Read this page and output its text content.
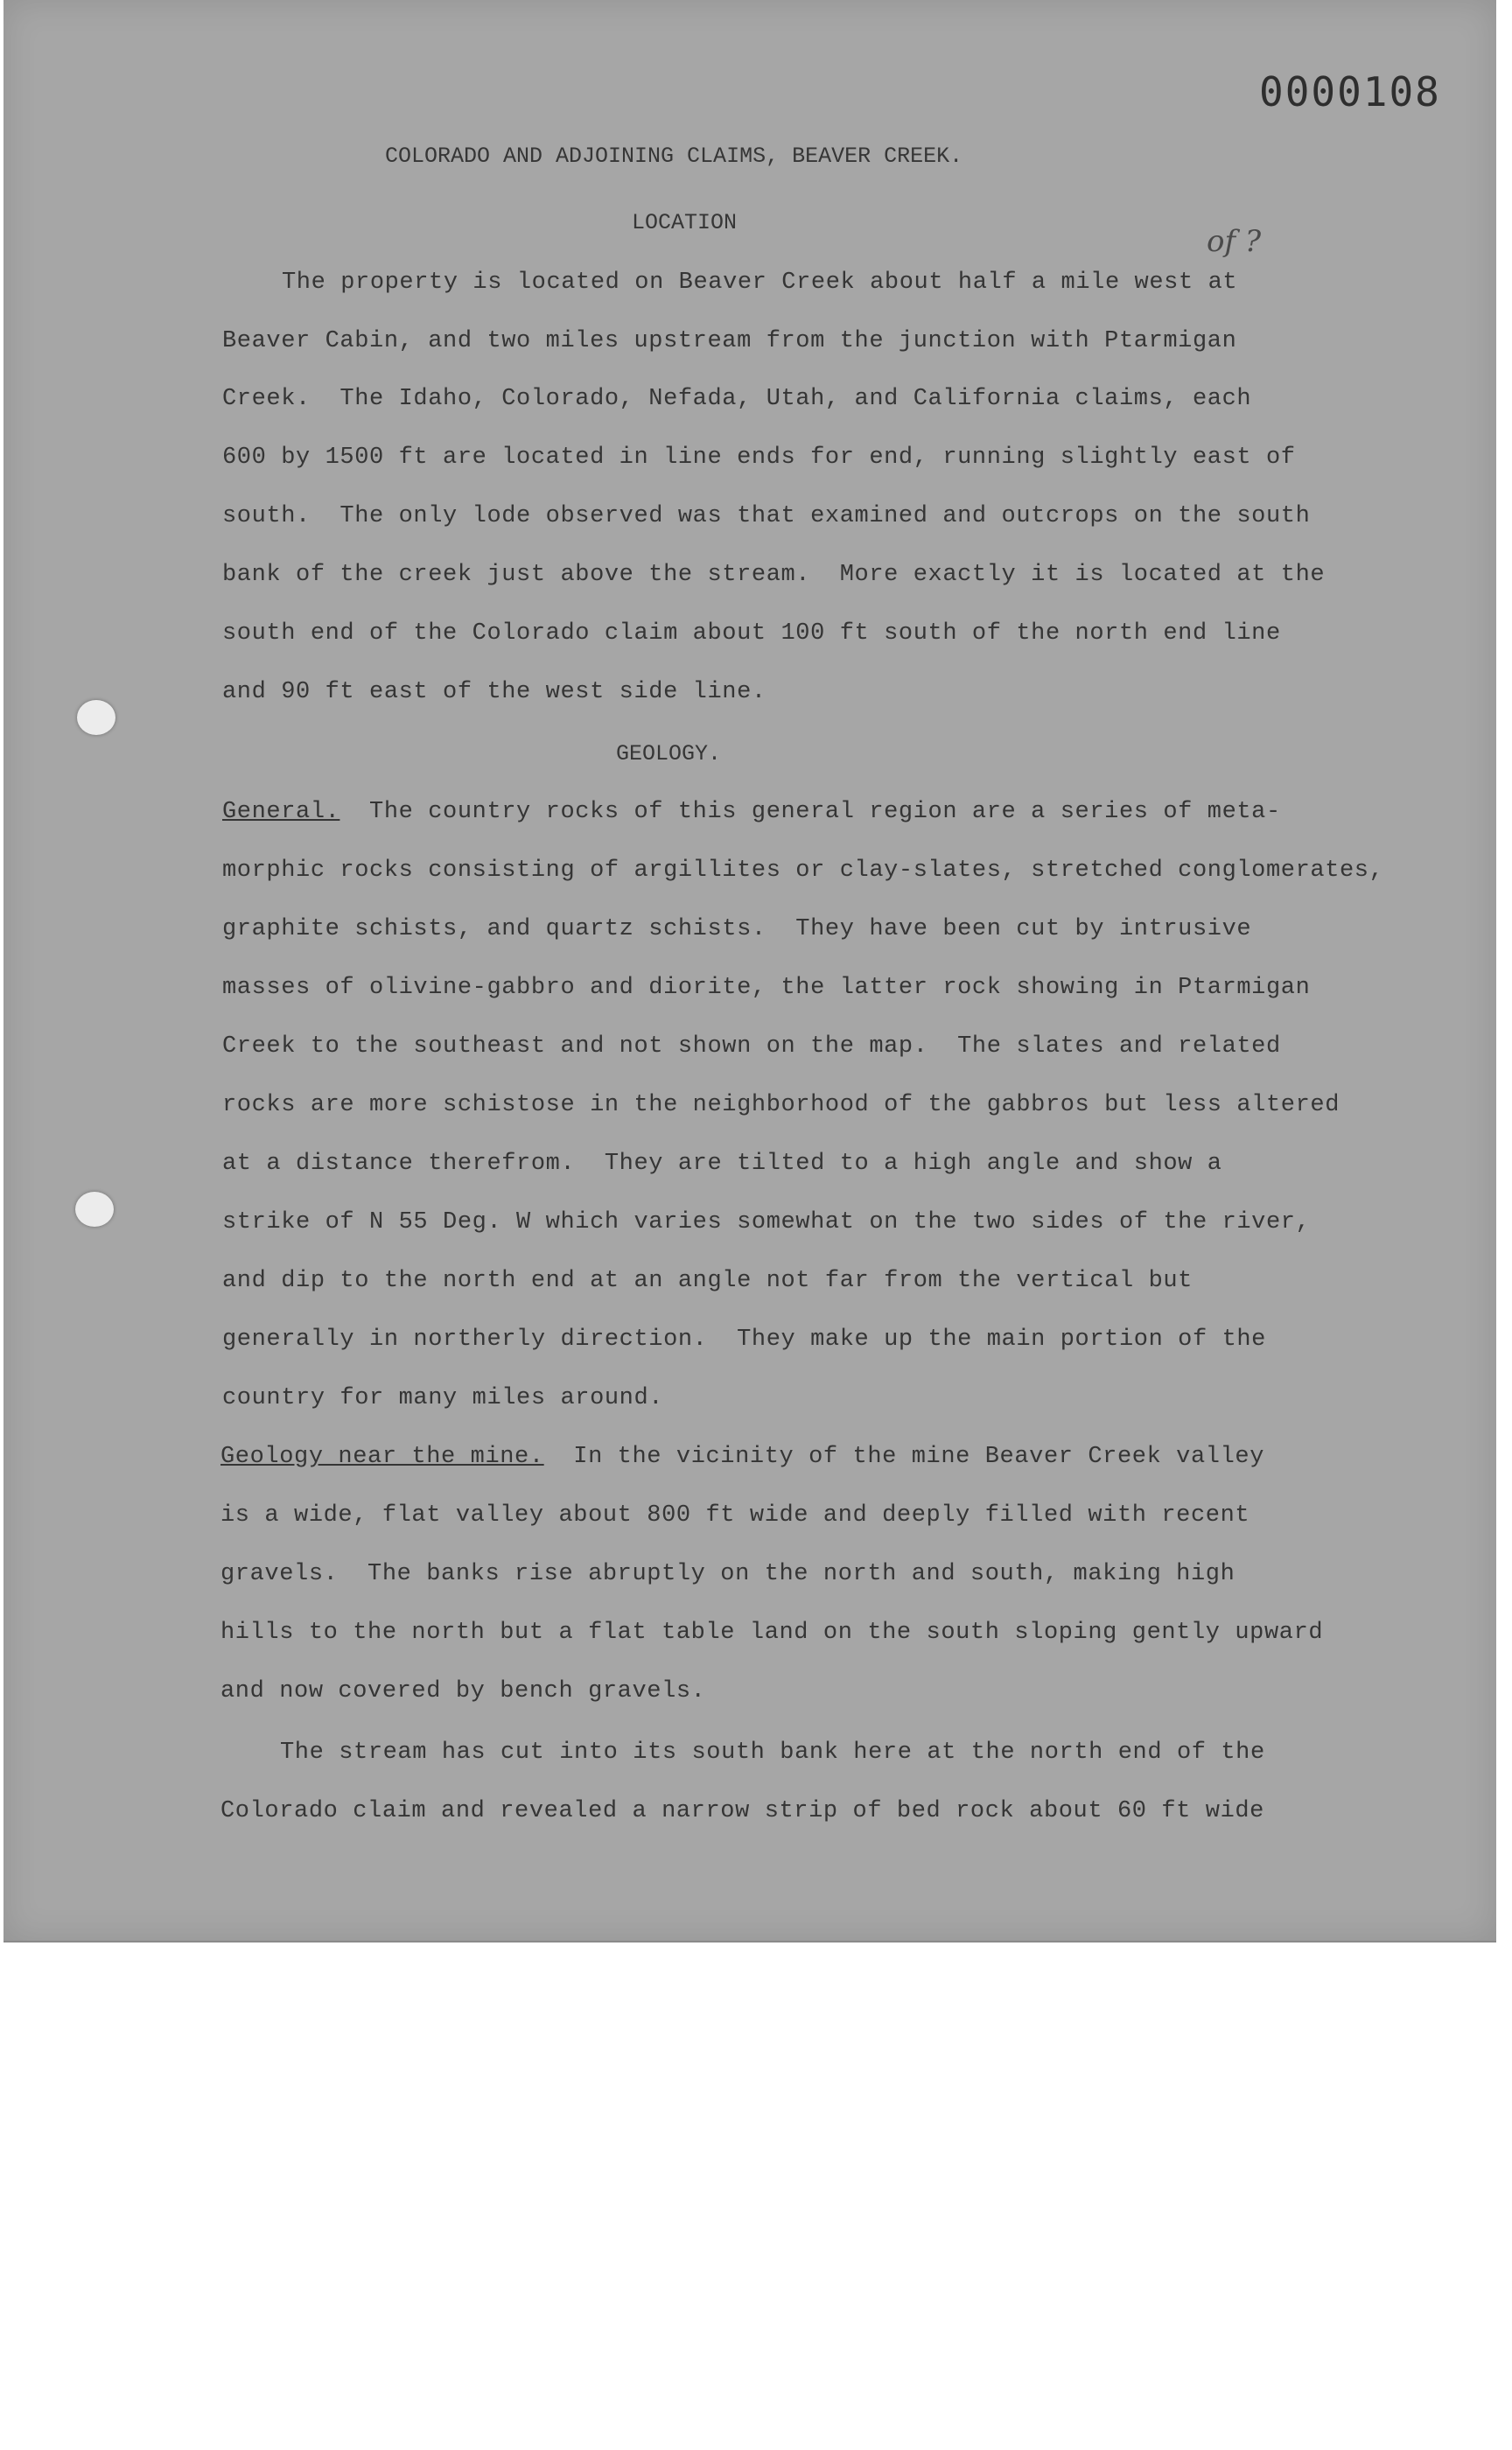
0000108
of ?
COLORADO AND ADJOINING CLAIMS, BEAVER CREEK.
LOCATION
The property is located on Beaver Creek about half a mile west at
Beaver Cabin, and two miles upstream from the junction with Ptarmigan
Creek.  The Idaho, Colorado, Nefada, Utah, and California claims, each
600 by 1500 ft are located in line ends for end, running slightly east of
south.  The only lode observed was that examined and outcrops on the south
bank of the creek just above the stream.  More exactly it is located at the
south end of the Colorado claim about 100 ft south of the north end line
and 90 ft east of the west side line.
GEOLOGY.
General.  The country rocks of this general region are a series of meta-
morphic rocks consisting of argillites or clay-slates, stretched conglomerates,
graphite schists, and quartz schists.  They have been cut by intrusive
masses of olivine-gabbro and diorite, the latter rock showing in Ptarmigan
Creek to the southeast and not shown on the map.  The slates and related
rocks are more schistose in the neighborhood of the gabbros but less altered
at a distance therefrom.  They are tilted to a high angle and show a
strike of N 55 Deg. W which varies somewhat on the two sides of the river,
and dip to the north end at an angle not far from the vertical but
generally in northerly direction.  They make up the main portion of the
country for many miles around.
Geology near the mine.  In the vicinity of the mine Beaver Creek valley
is a wide, flat valley about 800 ft wide and deeply filled with recent
gravels.  The banks rise abruptly on the north and south, making high
hills to the north but a flat table land on the south sloping gently upward
and now covered by bench gravels.
The stream has cut into its south bank here at the north end of the
Colorado claim and revealed a narrow strip of bed rock about 60 ft wide
